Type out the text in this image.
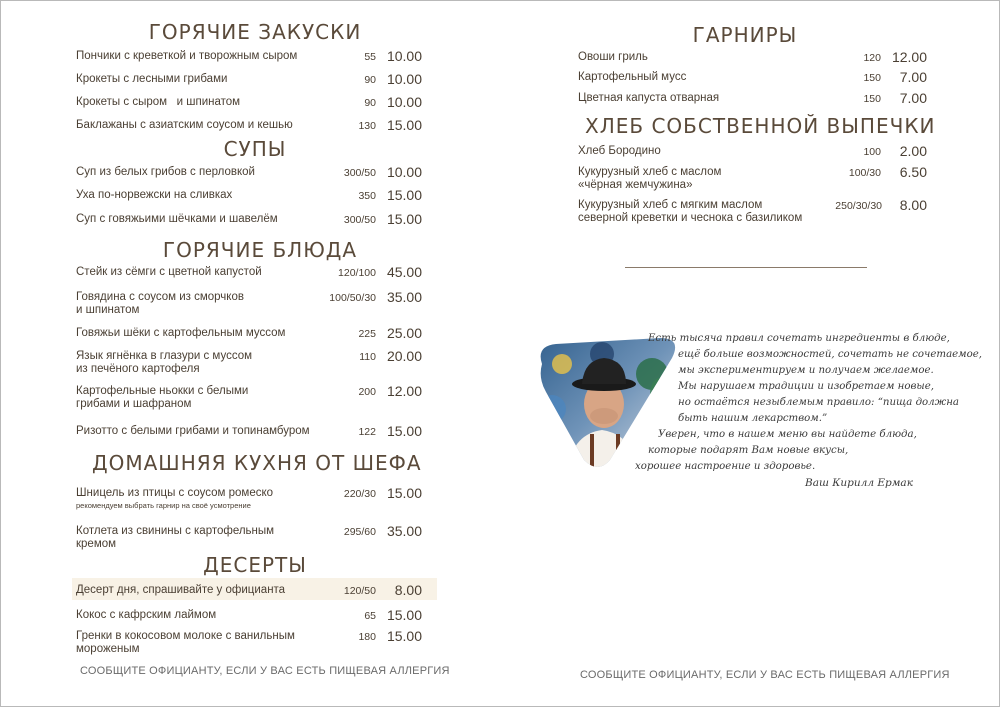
ГОРЯЧИЕ ЗАКУСКИ
Пончики с креветкой и творожным сыром	55 10.00
Крокеты с лесными грибами	90 10.00
Крокеты с сыром   и шпинатом	90 10.00
Баклажаны с азиатским соусом и кешью	130 15.00
СУПЫ
Суп из белых грибов с перловкой	300/50 10.00
Уха по-норвежски на сливках	350 15.00
Суп с говяжьими шёчками и шавелём	300/50 15.00
ГОРЯЧИЕ БЛЮДА
Стейк из сёмги с цветной капустой	120/100 45.00
Говядина с соусом из сморчков
и шпинатом
100/50/30 35.00
Говяжьи шёки с картофельным муссом	225 25.00
Язык ягнёнка в глазури с муссом
из печёного картофеля
110 20.00
Картофельные ньокки с белыми
грибами и шафраном
200 12.00
Ризотто с белыми грибами и топинамбуром	122 15.00
ДОМАШНЯЯ КУХНЯ ОТ ШЕФА
Шницель из птицы с соусом ромеско
рекомендуем выбрать гарнир на своё усмотрение
220/30 15.00
Котлета из свинины с картофельным
кремом
295/60 35.00
ДЕСЕРТЫ
Десерт дня, спрашивайте у официанта	120/50	8.00
Кокос с кафрским лаймом	65 15.00
Гренки в кокосовом молоке с ванильным
мороженым
180 15.00
СООБЩИТЕ ОФИЦИАНТУ, ЕСЛИ У ВАС ЕСТЬ ПИЩЕВАЯ АЛЛЕРГИЯ
ГАРНИРЫ
Овоши гриль	120 12.00
Картофельный мусс	150	7.00
Цветная капуста отварная	150	7.00
ХЛЕБ СОБСТВЕННОЙ ВЫПЕЧКИ
Хлеб Бородино	100	2.00
Кукурузный хлеб с маслом
«чёрная жемчужина»
100/30	6.50
Кукурузный хлеб с мягким маслом
северной креветки и чеснока с базиликом
250/30/30	8.00
Есть тысяча правил сочетать ингредиенты в блюде,
ещё больше возможностей, сочетать не сочетаемое,
мы экспериментируем и получаем желаемое.
Мы нарушаем традиции и изобретаем новые,
но остаётся незыблемым правило: “пища должна
быть нашим лекарством.”
Уверен, что в нашем меню вы найдете блюда,
которые подарят Вам новые вкусы,
хорошее настроение и здоровье.
Ваш Кирилл Ермак
СООБЩИТЕ ОФИЦИАНТУ, ЕСЛИ У ВАС ЕСТЬ ПИЩЕВАЯ АЛЛЕРГИЯ
